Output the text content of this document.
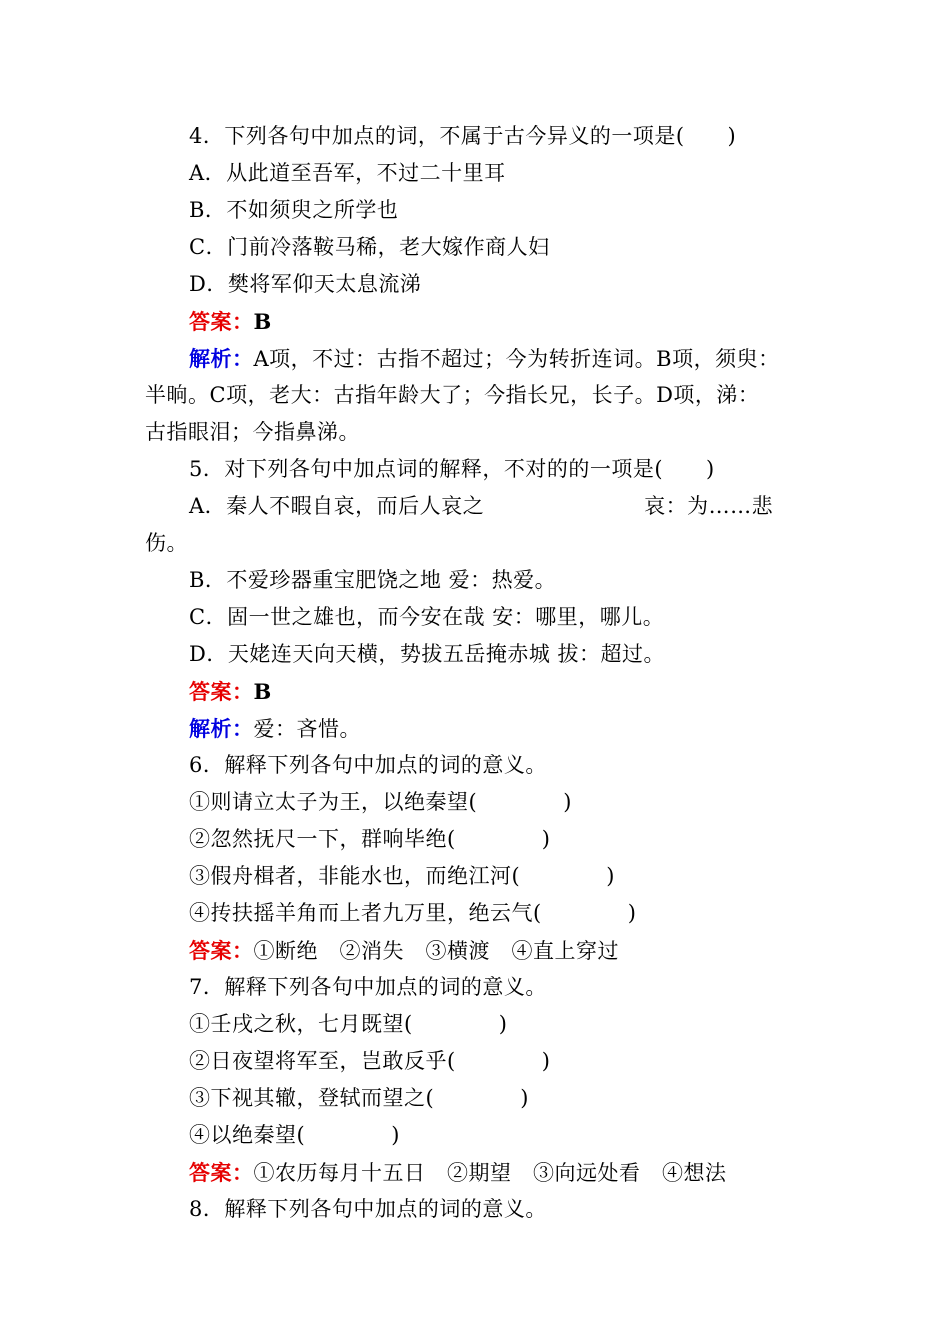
4．下列各句中加点的词，不属于古今异义的一项是(　　)
A．从此道至吾军，不过二十里耳
B．不如须臾之所学也
C．门前冷落鞍马稀，老大嫁作商人妇
D．樊将军仰天太息流涕
答案：B
解析：A项，不过：古指不超过；今为转折连词。B项，须臾：
半晌。C项，老大：古指年龄大了；今指长兄，长子。D项，涕：
古指眼泪；今指鼻涕。
5．对下列各句中加点词的解释，不对的的一项是(　　)
A．秦人不暇自哀，而后人哀之	哀：为……悲
伤。
B．不爱珍器重宝肥饶之地 爱：热爱。
C．固一世之雄也，而今安在哉 安：哪里，哪儿。
D．天姥连天向天横，势拔五岳掩赤城 拔：超过。
答案：B
解析：爱：吝惜。
6．解释下列各句中加点的词的意义。
①则请立太子为王，以绝秦望(　　　　)
②忽然抚尺一下，群响毕绝(　　　　)
③假舟楫者，非能水也，而绝江河(　　　　)
④抟扶摇羊角而上者九万里，绝云气(　　　　)
答案：①断绝　②消失　③横渡　④直上穿过
7．解释下列各句中加点的词的意义。
①壬戌之秋，七月既望(　　　　)
②日夜望将军至，岂敢反乎(　　　　)
③下视其辙，登轼而望之(　　　　)
④以绝秦望(　　　　)
答案：①农历每月十五日　②期望　③向远处看　④想法
8．解释下列各句中加点的词的意义。
